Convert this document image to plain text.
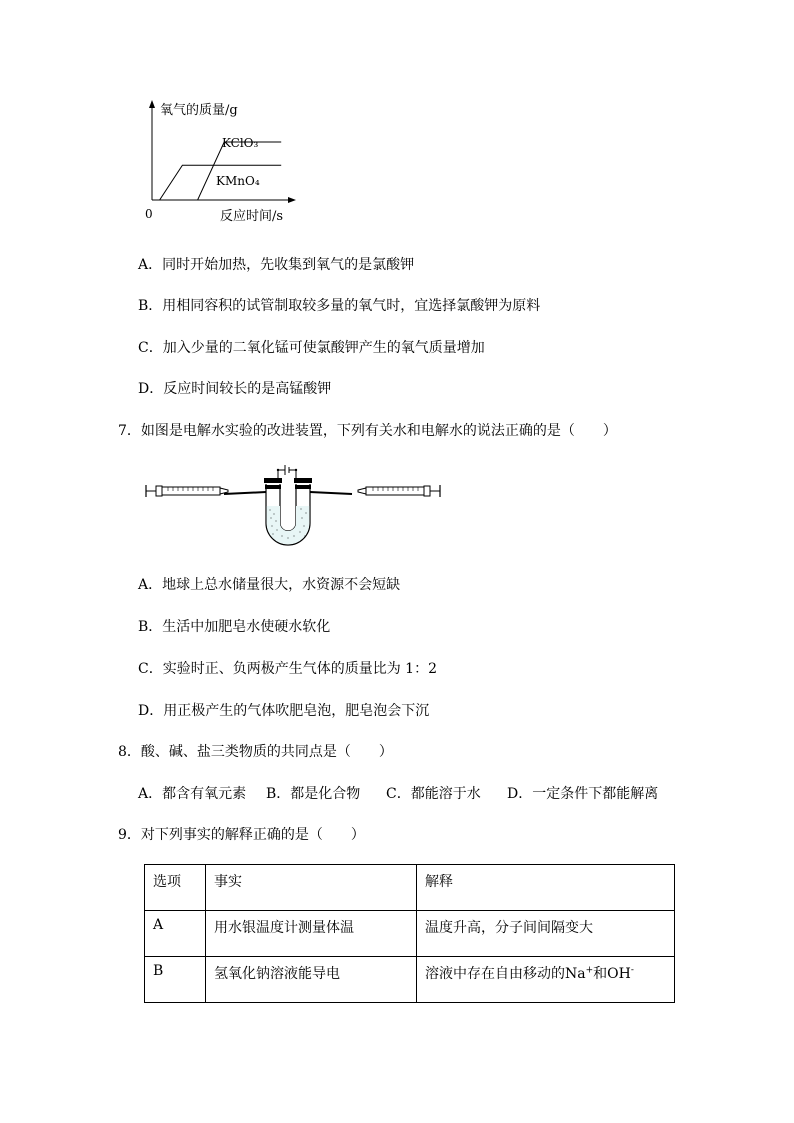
氧气的质量/g
KClO₃
KMnO₄
0	反应时间/s
A．同时开始加热，先收集到氧气的是氯酸钾
B．用相同容积的试管制取较多量的氧气时，宜选择氯酸钾为原料
C．加入少量的二氧化锰可使氯酸钾产生的氧气质量增加
D．反应时间较长的是高锰酸钾
7．如图是电解水实验的改进装置，下列有关水和电解水的说法正确的是（　　）
A．地球上总水储量很大，水资源不会短缺
B．生活中加肥皂水使硬水软化
C．实验时正、负两极产生气体的质量比为 1：2
D．用正极产生的气体吹肥皂泡，肥皂泡会下沉
8．酸、碱、盐三类物质的共同点是（　　）
A．都含有氧元素 B．都是化合物 C．都能溶于水 D．一定条件下都能解离
9．对下列事实的解释正确的是（　　）
选项	事实	解释
A	用水银温度计测量体温	温度升高，分子间间隔变大
B	氢氧化钠溶液能导电	溶液中存在自由移动的Na+和OH-
